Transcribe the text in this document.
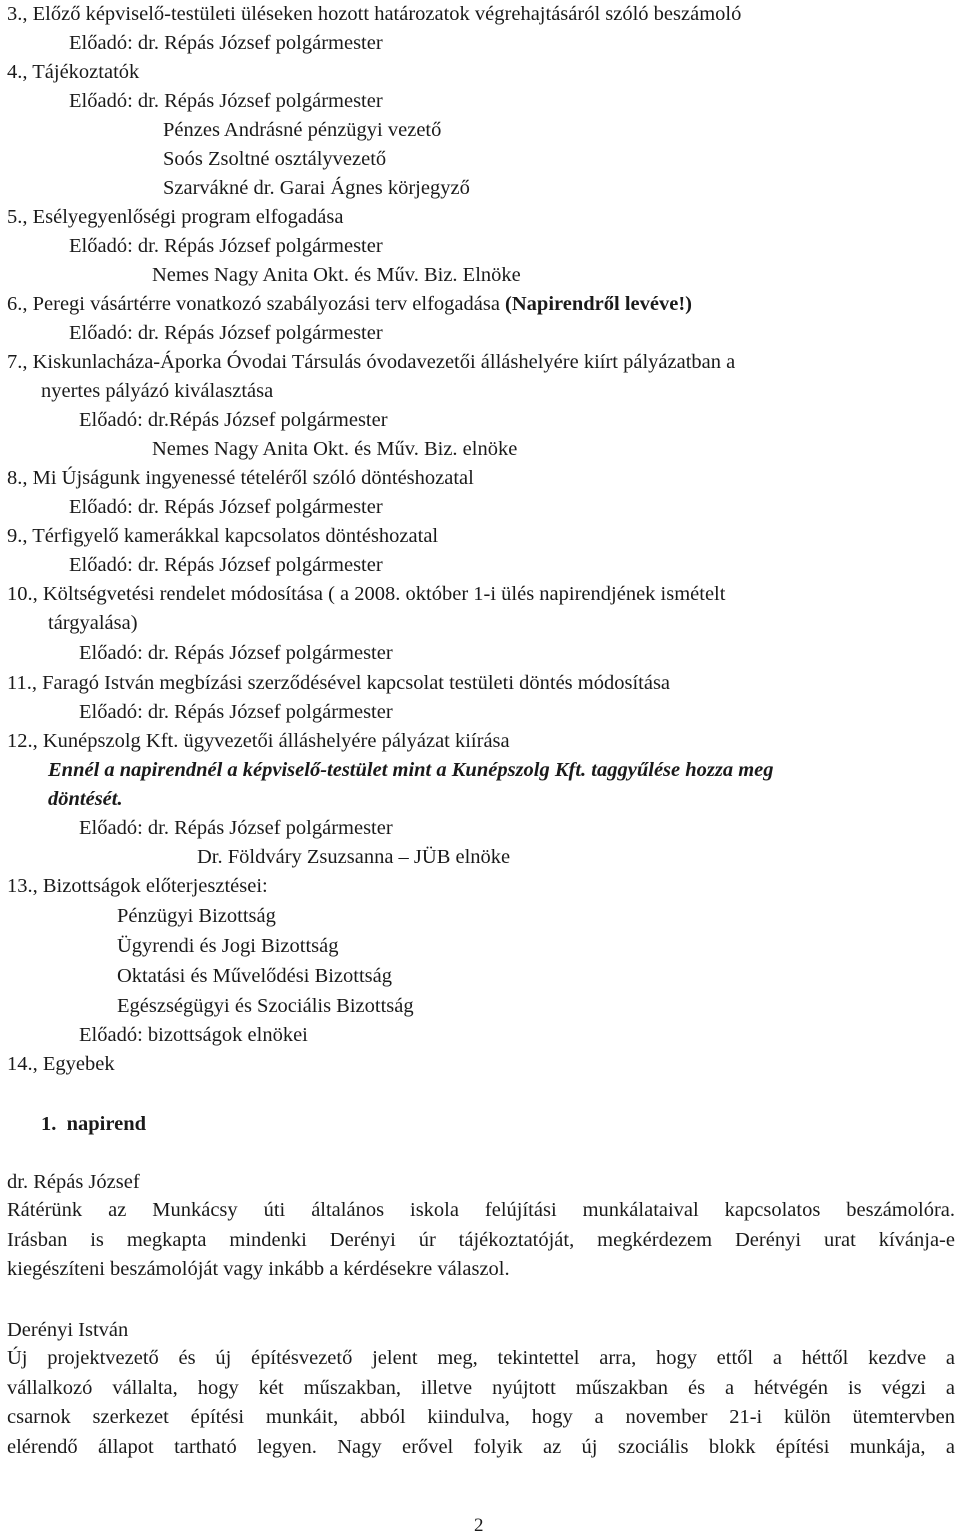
3., Előző képviselő-testületi üléseken hozott határozatok végrehajtásáról szóló beszámoló
Előadó: dr. Répás József polgármester
4., Tájékoztatók
Előadó: dr. Répás József polgármester
Pénzes Andrásné pénzügyi vezető
Soós Zsoltné osztályvezető
Szarvákné dr. Garai Ágnes körjegyző
5., Esélyegyenlőségi program elfogadása
Előadó: dr. Répás József polgármester
Nemes Nagy Anita Okt. és Műv. Biz. Elnöke
6., Peregi vásártérre vonatkozó szabályozási terv elfogadása (Napirendről levéve!)
Előadó: dr. Répás József polgármester
7., Kiskunlacháza-Áporka Óvodai Társulás óvodavezetői álláshelyére kiírt pályázatban a
nyertes pályázó kiválasztása
Előadó: dr.Répás József polgármester
Nemes Nagy Anita Okt. és Műv. Biz. elnöke
8., Mi Újságunk ingyenessé tételéről szóló döntéshozatal
Előadó: dr. Répás József polgármester
9., Térfigyelő kamerákkal kapcsolatos döntéshozatal
Előadó: dr. Répás József polgármester
10., Költségvetési rendelet módosítása ( a 2008. október 1-i ülés napirendjének ismételt
tárgyalása)
Előadó: dr. Répás József polgármester
11., Faragó István megbízási szerződésével kapcsolat testületi döntés módosítása
Előadó: dr. Répás József polgármester
12., Kunépszolg Kft. ügyvezetői álláshelyére pályázat kiírása
Ennél a napirendnél a képviselő-testület mint a Kunépszolg Kft. taggyűlése hozza meg
döntését.
Előadó: dr. Répás József polgármester
Dr. Földváry Zsuzsanna – JÜB elnöke
13., Bizottságok előterjesztései:
Pénzügyi Bizottság
Ügyrendi és Jogi Bizottság
Oktatási és Művelődési Bizottság
Egészségügyi és Szociális Bizottság
Előadó: bizottságok elnökei
14., Egyebek
1.  napirend
dr. Répás József
Rátérünk az Munkácsy úti általános iskola felújítási munkálataival kapcsolatos beszámolóra.
Irásban is megkapta mindenki Derényi úr tájékoztatóját, megkérdezem Derényi urat kívánja-e
kiegészíteni beszámolóját vagy inkább a kérdésekre válaszol.
Derényi István
Új projektvezető és új építésvezető jelent meg, tekintettel arra, hogy ettől a héttől kezdve a
vállalkozó vállalta, hogy két műszakban, illetve nyújtott műszakban és a hétvégén is végzi a
csarnok szerkezet építési munkáit, abból kiindulva, hogy a november 21-i külön ütemtervben
elérendő állapot tartható legyen. Nagy erővel folyik az új szociális blokk építési munkája, a
2
